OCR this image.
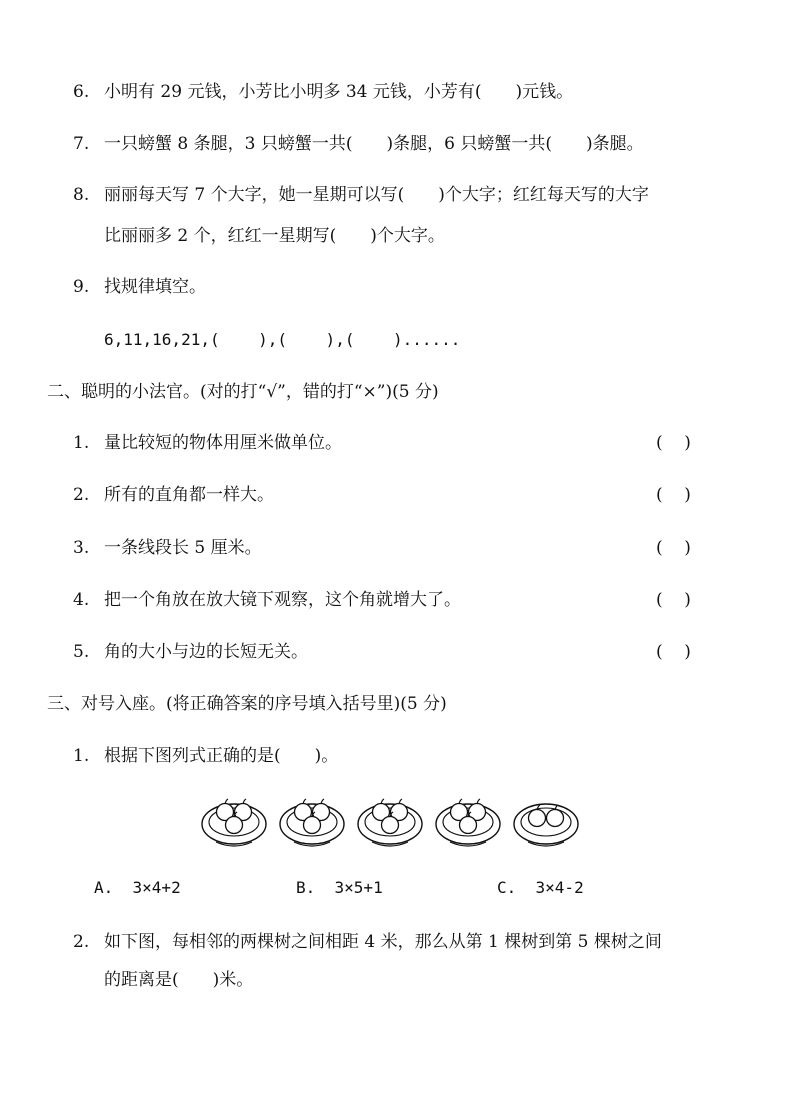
6. 小明有 29 元钱，小芳比小明多 34 元钱，小芳有(　　)元钱。
7. 一只螃蟹 8 条腿，3 只螃蟹一共(　　)条腿，6 只螃蟹一共(　　)条腿。
8. 丽丽每天写 7 个大字，她一星期可以写(　　)个大字；红红每天写的大字
比丽丽多 2 个，红红一星期写(　　)个大字。
9. 找规律填空。
6,11,16,21,(    ),(    ),(    )......
二、聪明的小法官。(对的打“√”，错的打“×”)(5 分)
1. 量比较短的物体用厘米做单位。	(    )
2. 所有的直角都一样大。	(    )
3. 一条线段长 5 厘米。	(    )
4. 把一个角放在放大镜下观察，这个角就增大了。	(    )
5. 角的大小与边的长短无关。	(    )
三、对号入座。(将正确答案的序号填入括号里)(5 分)
1. 根据下图列式正确的是(　　)。
A.  3×4+2	B.  3×5+1	C.  3×4-2
2. 如下图，每相邻的两棵树之间相距 4 米，那么从第 1 棵树到第 5 棵树之间
的距离是(　　)米。
